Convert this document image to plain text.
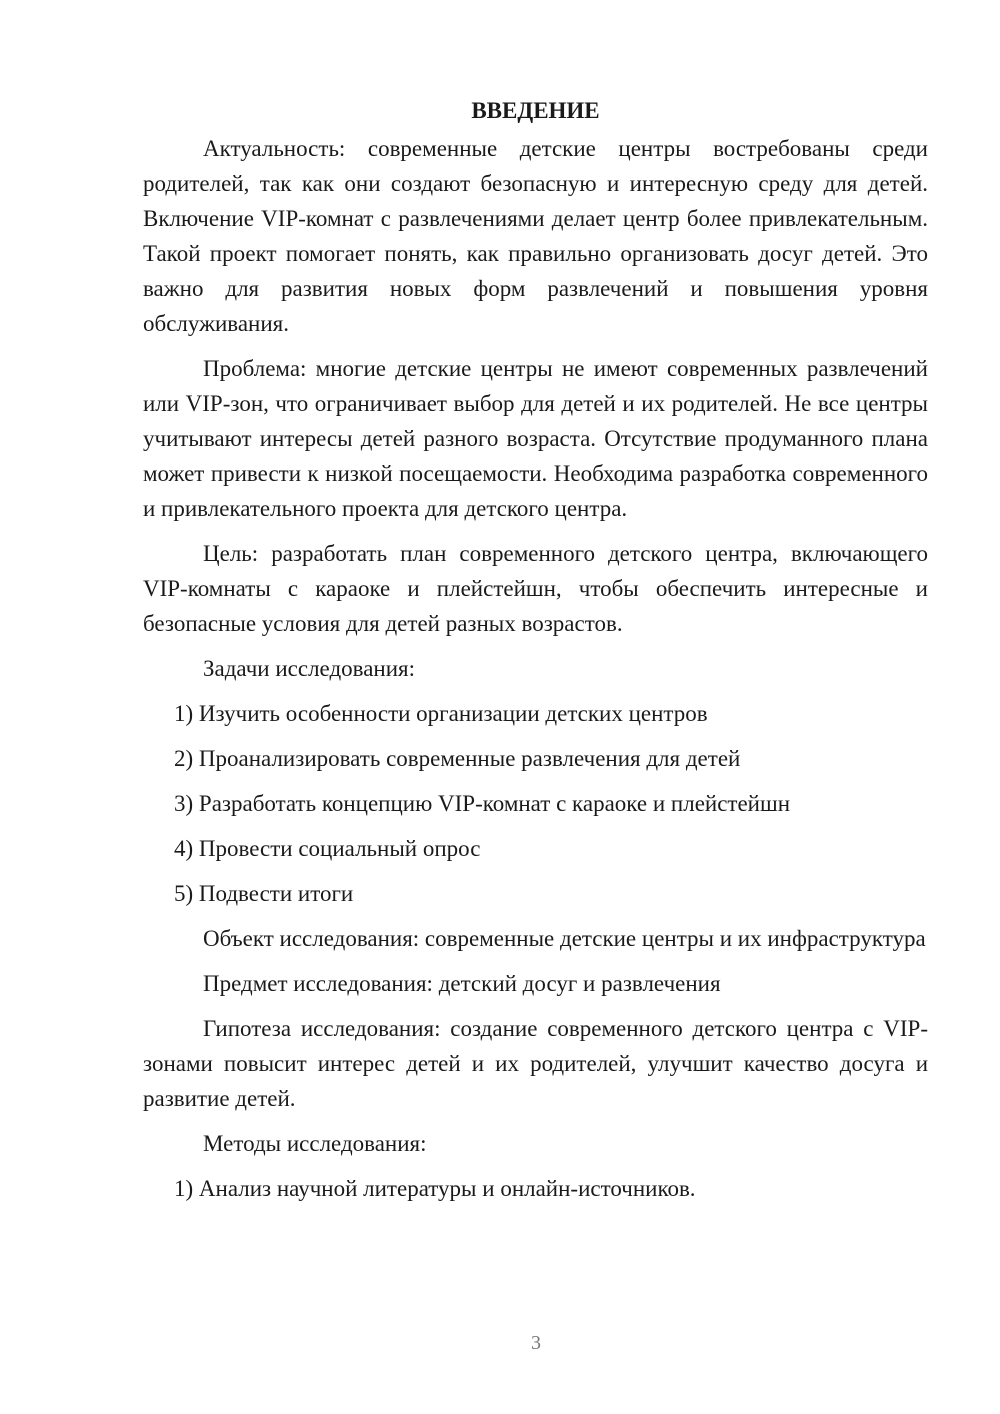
ВВЕДЕНИЕ

Актуальность: современные детские центры востребованы среди родителей, так как они создают безопасную и интересную среду для детей. Включение VIP-комнат с развлечениями делает центр более привлекательным. Такой проект помогает понять, как правильно организовать досуг детей. Это важно для развития новых форм развлечений и повышения уровня обслуживания.

Проблема: многие детские центры не имеют современных развлечений или VIP-зон, что ограничивает выбор для детей и их родителей. Не все центры учитывают интересы детей разного возраста. Отсутствие продуманного плана может привести к низкой посещаемости. Необходима разработка современного и привлекательного проекта для детского центра.

Цель: разработать план современного детского центра, включающего VIP-комнаты с караоке и плейстейшн, чтобы обеспечить интересные и безопасные условия для детей разных возрастов.

Задачи исследования:

1) Изучить особенности организации детских центров

2) Проанализировать современные развлечения для детей

3) Разработать концепцию VIP-комнат с караоке и плейстейшн

4) Провести социальный опрос

5) Подвести итоги

Объект исследования: современные детские центры и их инфраструктура

Предмет исследования: детский досуг и развлечения

Гипотеза исследования: создание современного детского центра с VIP-зонами повысит интерес детей и их родителей, улучшит качество досуга и развитие детей.

Методы исследования:

1) Анализ научной литературы и онлайн-источников.

3
